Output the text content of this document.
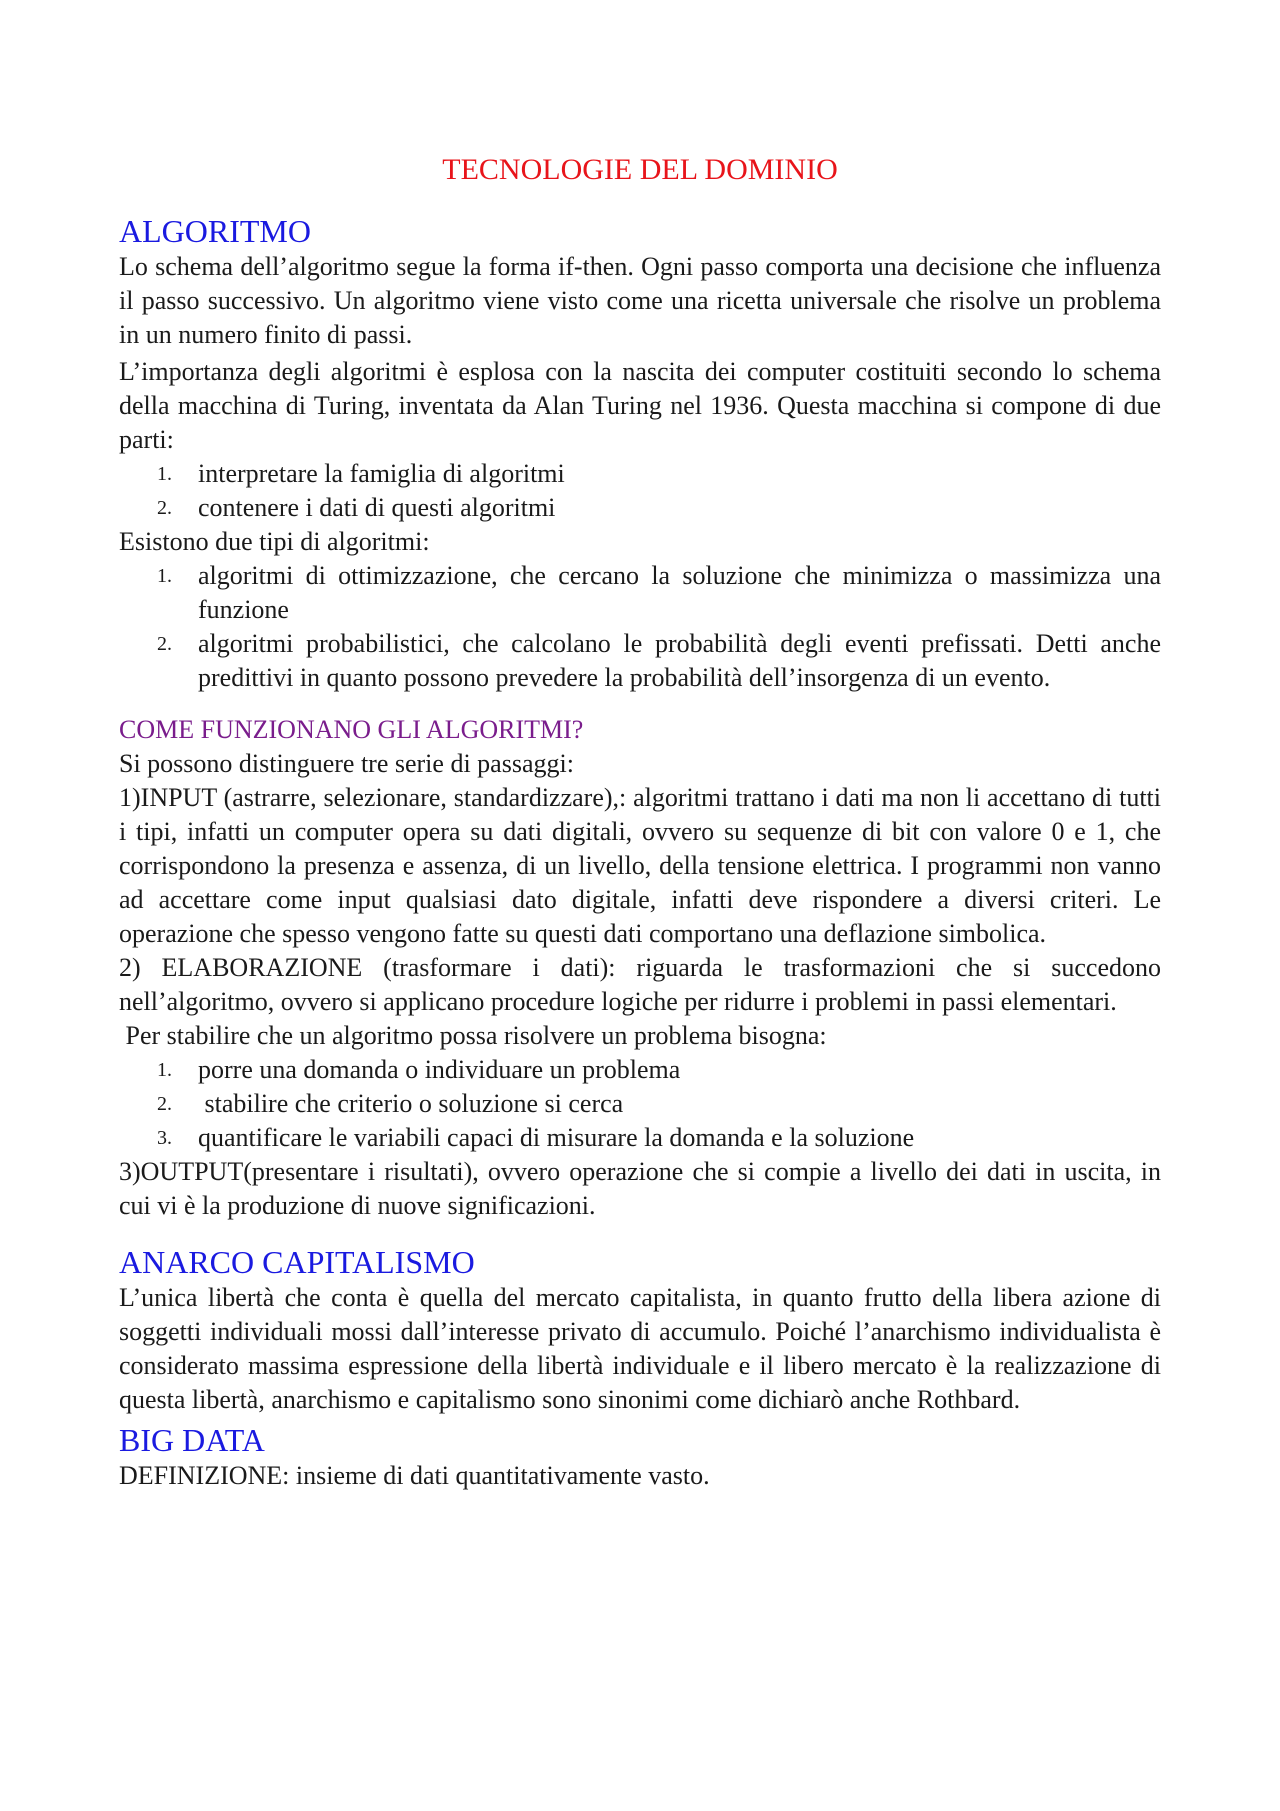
TECNOLOGIE DEL DOMINIO
ALGORITMO

Lo schema dell’algoritmo segue la forma if-then. Ogni passo comporta una decisione che influenza il passo successivo. Un algoritmo viene visto come una ricetta universale che risolve un problema in un numero finito di passi.

L’importanza degli algoritmi è esplosa con la nascita dei computer costituiti secondo lo schema della macchina di Turing, inventata da Alan Turing nel 1936. Questa macchina si compone di due parti:

1. interpretare la famiglia di algoritmi
2. contenere i dati di questi algoritmi

Esistono due tipi di algoritmi:

1. algoritmi di ottimizzazione, che cercano la soluzione che minimizza o massimizza una funzione
2. algoritmi probabilistici, che calcolano le probabilità degli eventi prefissati. Detti anche predittivi in quanto possono prevedere la probabilità dell’insorgenza di un evento.
COME FUNZIONANO GLI ALGORITMI?

Si possono distinguere tre serie di passaggi:

1)INPUT (astrarre, selezionare, standardizzare),: algoritmi trattano i dati ma non li accettano di tutti i tipi, infatti un computer opera su dati digitali, ovvero su sequenze di bit con valore 0 e 1, che corrispondono la presenza e assenza, di un livello, della tensione elettrica. I programmi non vanno ad accettare come input qualsiasi dato digitale, infatti deve rispondere a diversi criteri. Le operazione che spesso vengono fatte su questi dati comportano una deflazione simbolica.

2) ELABORAZIONE (trasformare i dati): riguarda le trasformazioni che si succedono nell’algoritmo, ovvero si applicano procedure logiche per ridurre i problemi in passi elementari.

Per stabilire che un algoritmo possa risolvere un problema bisogna:

1. porre una domanda o individuare un problema
2. stabilire che criterio o soluzione si cerca
3. quantificare le variabili capaci di misurare la domanda e la soluzione

3)OUTPUT(presentare i risultati), ovvero operazione che si compie a livello dei dati in uscita, in cui vi è la produzione di nuove significazioni.

ANARCO CAPITALISMO

L’unica libertà che conta è quella del mercato capitalista, in quanto frutto della libera azione di soggetti individuali mossi dall’interesse privato di accumulo. Poiché l’anarchismo individualista è considerato massima espressione della libertà individuale e il libero mercato è la realizzazione di questa libertà, anarchismo e capitalismo sono sinonimi come dichiarò anche Rothbard.

BIG DATA

DEFINIZIONE: insieme di dati quantitativamente vasto.
